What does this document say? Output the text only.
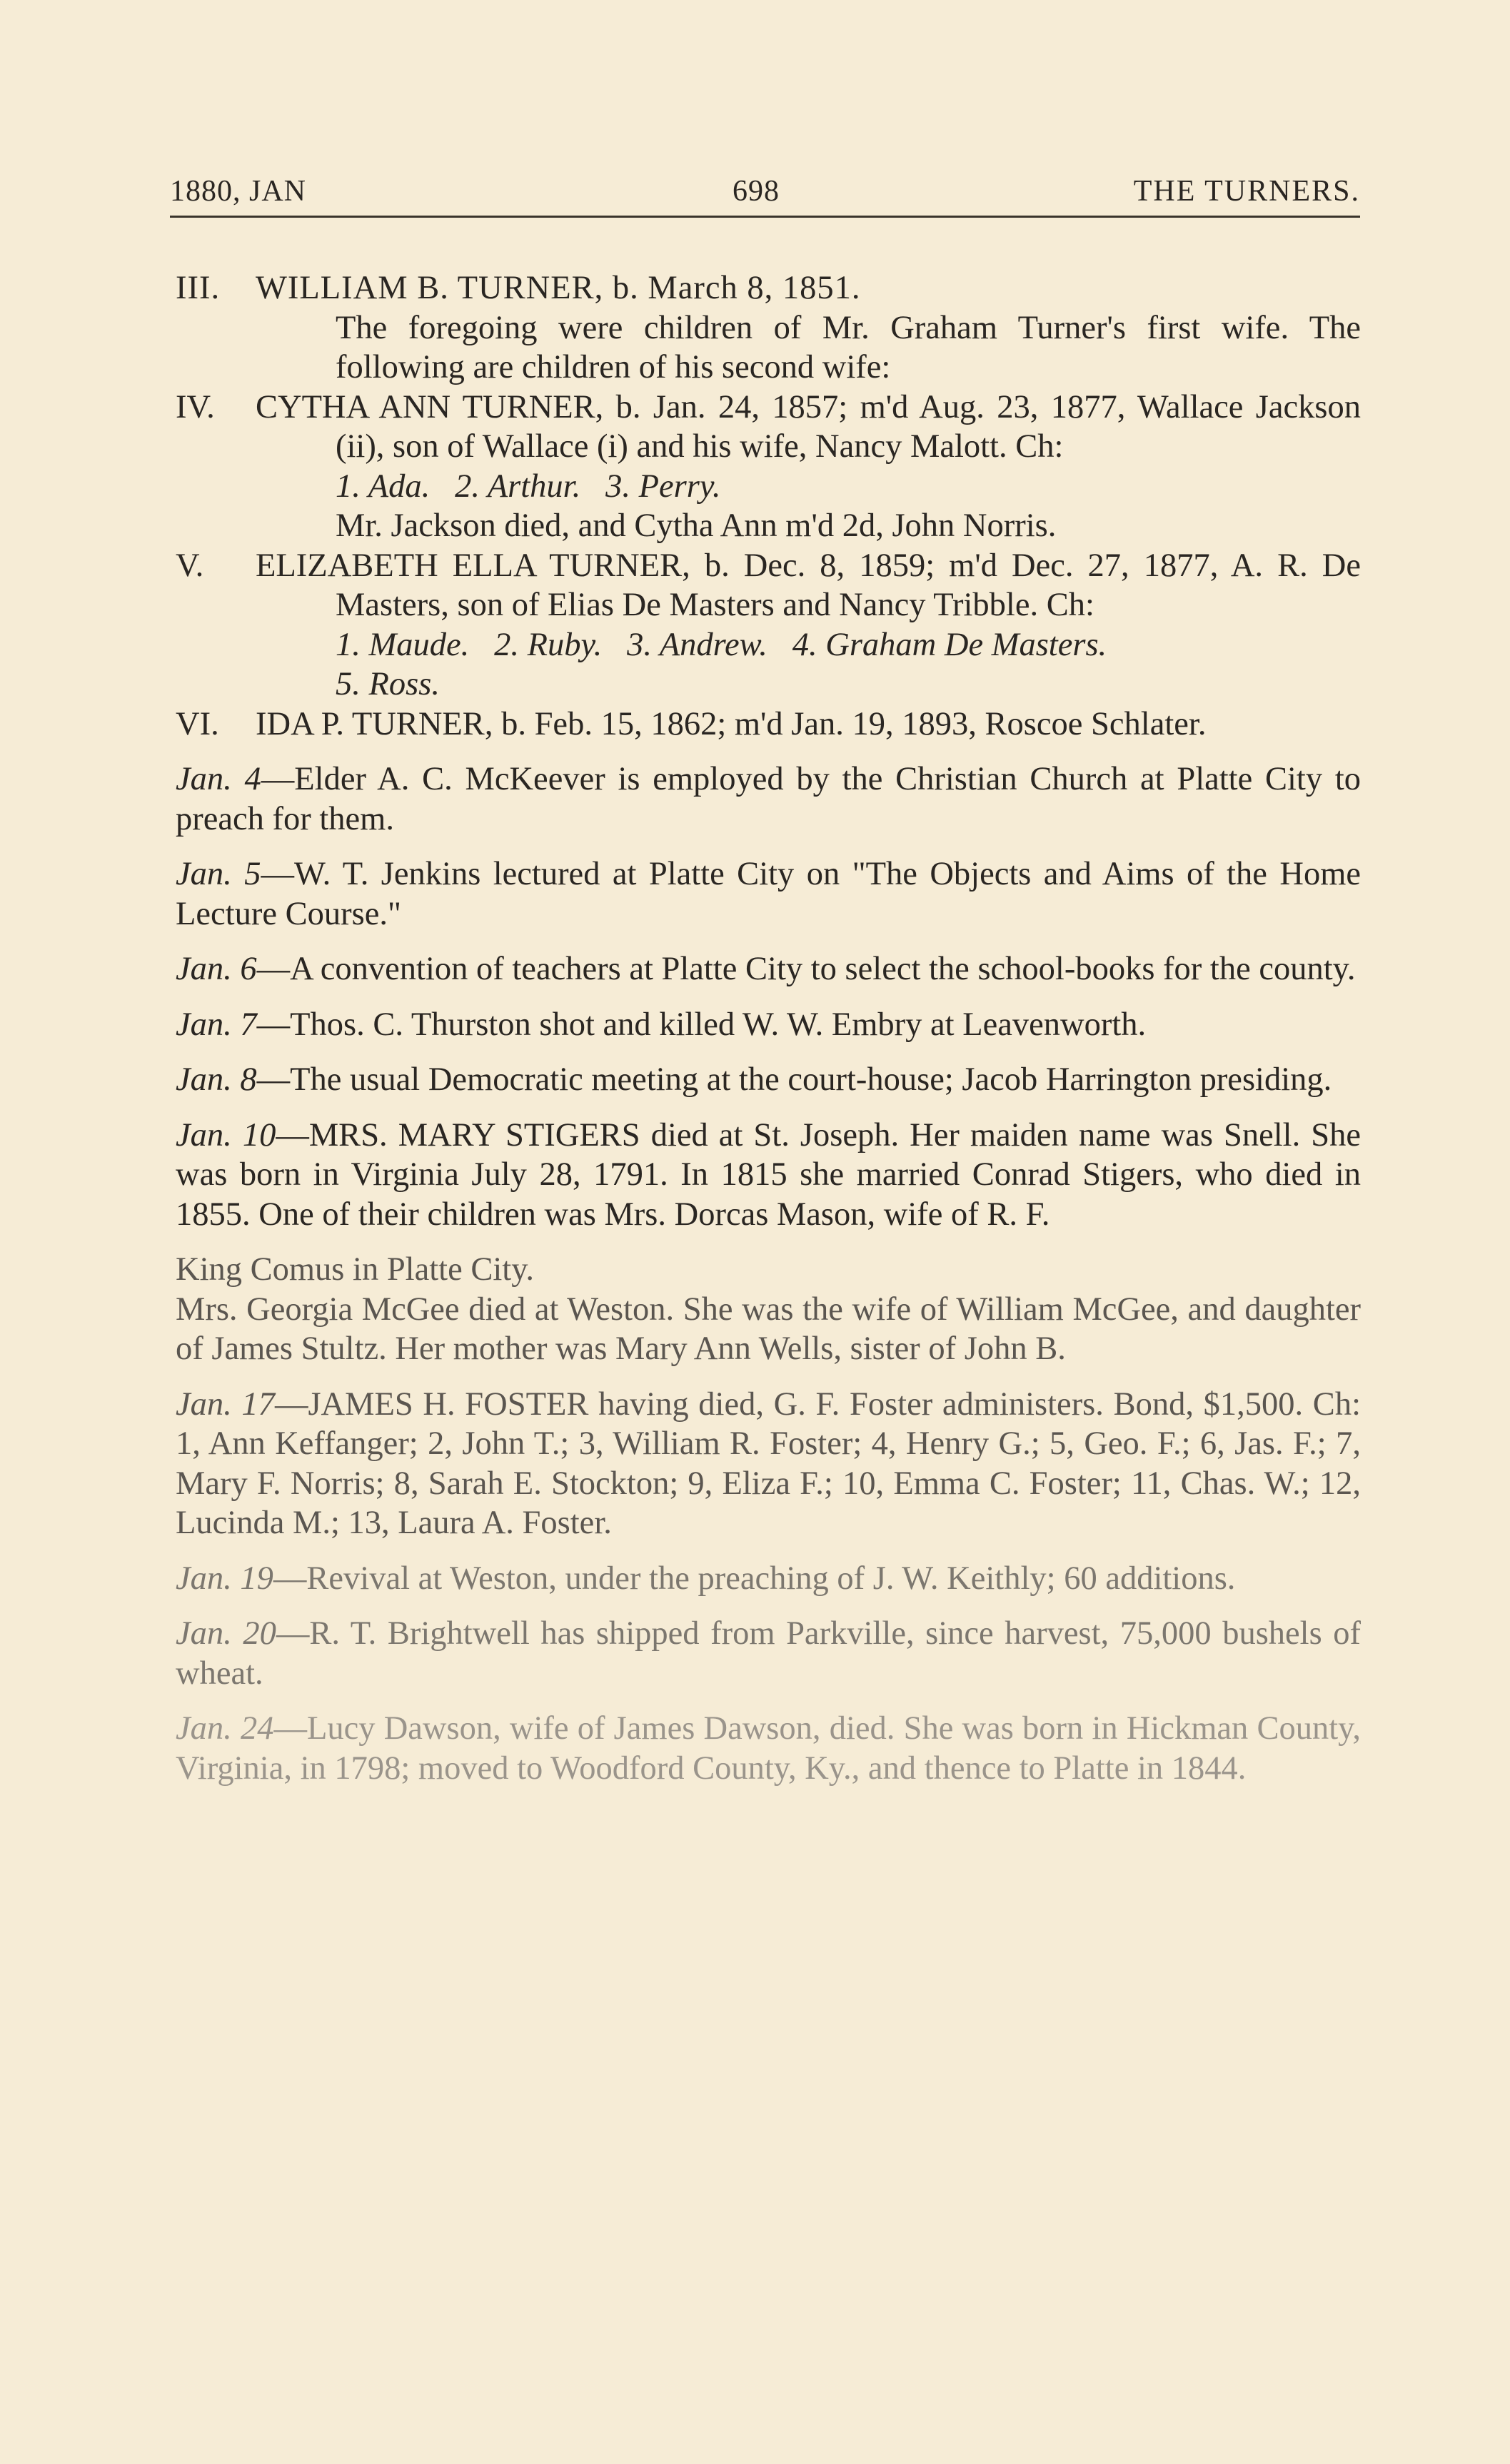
1880, JAN	698	THE TURNERS.

III. WILLIAM B. TURNER, b. March 8, 1851.

The foregoing were children of Mr. Graham Turner's first wife. The following are children of his second wife:

IV. CYTHA ANN TURNER, b. Jan. 24, 1857; m'd Aug. 23, 1877, Wallace Jackson (ii), son of Wallace (i) and his wife, Nancy Malott. Ch:

1. Ada. 2. Arthur. 3. Perry.

Mr. Jackson died, and Cytha Ann m'd 2d, John Norris.

V. ELIZABETH ELLA TURNER, b. Dec. 8, 1859; m'd Dec. 27, 1877, A. R. De Masters, son of Elias De Masters and Nancy Tribble. Ch:

1. Maude. 2. Ruby. 3. Andrew. 4. Graham De Masters.
5. Ross.

VI. IDA P. TURNER, b. Feb. 15, 1862; m'd Jan. 19, 1893, Roscoe Schlater.

Jan. 4—Elder A. C. McKeever is employed by the Christian Church at Platte City to preach for them.

Jan. 5—W. T. Jenkins lectured at Platte City on "The Objects and Aims of the Home Lecture Course."

Jan. 6—A convention of teachers at Platte City to select the school-books for the county.

Jan. 7—Thos. C. Thurston shot and killed W. W. Embry at Leavenworth.

Jan. 8—The usual Democratic meeting at the court-house; Jacob Harrington presiding.

Jan. 10—MRS. MARY STIGERS died at St. Joseph. Her maiden name was Snell. She was born in Virginia July 28, 1791. In 1815 she married Conrad Stigers, who died in 1855. One of their children was Mrs. Dorcas Mason, wife of R. F.

King Comus in Platte City.

Mrs. Georgia McGee died at Weston. She was the wife of William McGee, and daughter of James Stultz. Her mother was Mary Ann Wells, sister of John B.

Jan. 17—JAMES H. FOSTER having died, G. F. Foster administers. Bond, $1,500. Ch: 1, Ann Keffanger; 2, John T.; 3, William R. Foster; 4, Henry G.; 5, Geo. F.; 6, Jas. F.; 7, Mary F. Norris; 8, Sarah E. Stockton; 9, Eliza F.; 10, Emma C. Foster; 11, Chas. W.; 12, Lucinda M.; 13, Laura A. Foster.

Jan. 19—Revival at Weston, under the preaching of J. W. Keithly; 60 additions.

Jan. 20—R. T. Brightwell has shipped from Parkville, since harvest, 75,000 bushels of wheat.

Jan. 24—Lucy Dawson, wife of James Dawson, died. She was born in Hickman County, Virginia, in 1798; moved to Woodford County, Ky., and thence to Platte in 1844.
